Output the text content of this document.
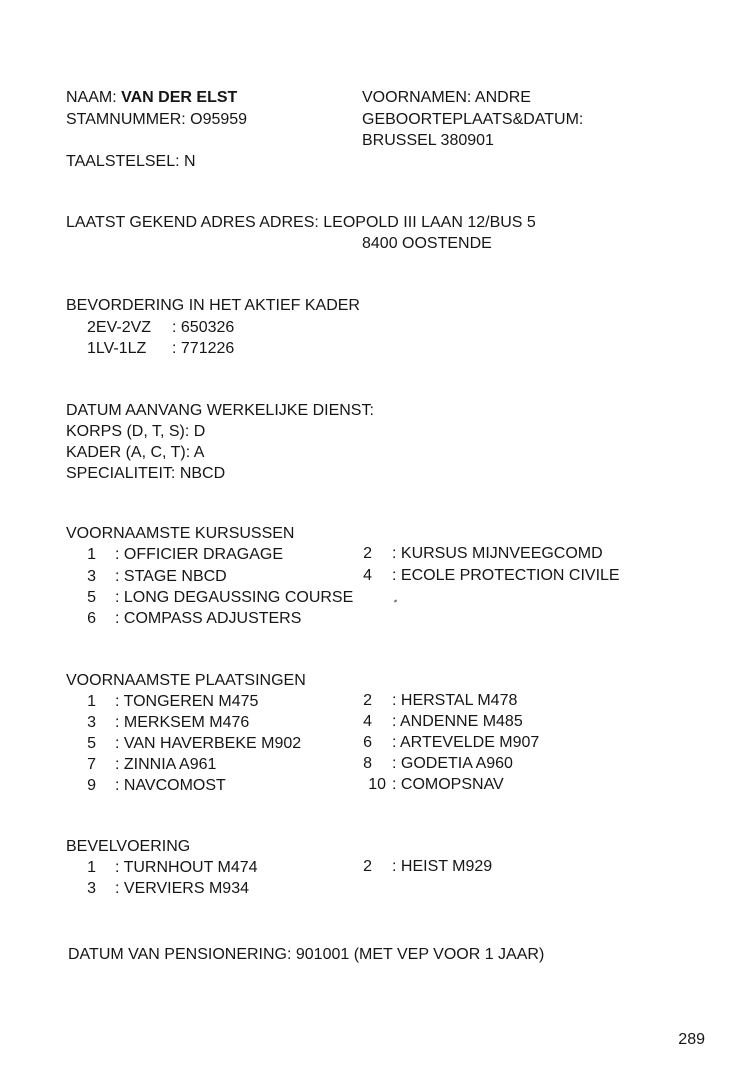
NAAM: VAN DER ELST
STAMNUMMER: O95959
TAALSTELSEL: N
VOORNAMEN: ANDRE
GEBOORTEPLAATS&DATUM:
BRUSSEL 380901
LAATST GEKEND ADRES ADRES: LEOPOLD III LAAN 12/BUS 5
8400 OOSTENDE
BEVORDERING IN HET AKTIEF KADER
2EV-2VZ : 650326
1LV-1LZ : 771226
DATUM AANVANG WERKELIJKE DIENST:
KORPS (D, T, S): D
KADER (A, C, T): A
SPECIALITEIT: NBCD
VOORNAAMSTE KURSUSSEN
1 : OFFICIER DRAGAGE	2 : KURSUS MIJNVEEGCOMD
3 : STAGE NBCD	4 : ECOLE PROTECTION CIVILE
5 : LONG DEGAUSSING COURSE
6 : COMPASS ADJUSTERS
VOORNAAMSTE PLAATSINGEN
1 : TONGEREN M475	2 : HERSTAL M478
3 : MERKSEM M476	4 : ANDENNE M485
5 : VAN HAVERBEKE M902	6 : ARTEVELDE M907
7 : ZINNIA A961	8 : GODETIA A960
9 : NAVCOMOST	10 : COMOPSNAV
BEVELVOERING
1 : TURNHOUT M474	2 : HEIST M929
3 : VERVIERS M934
DATUM VAN PENSIONERING: 901001 (MET VEP VOOR 1 JAAR)
289
